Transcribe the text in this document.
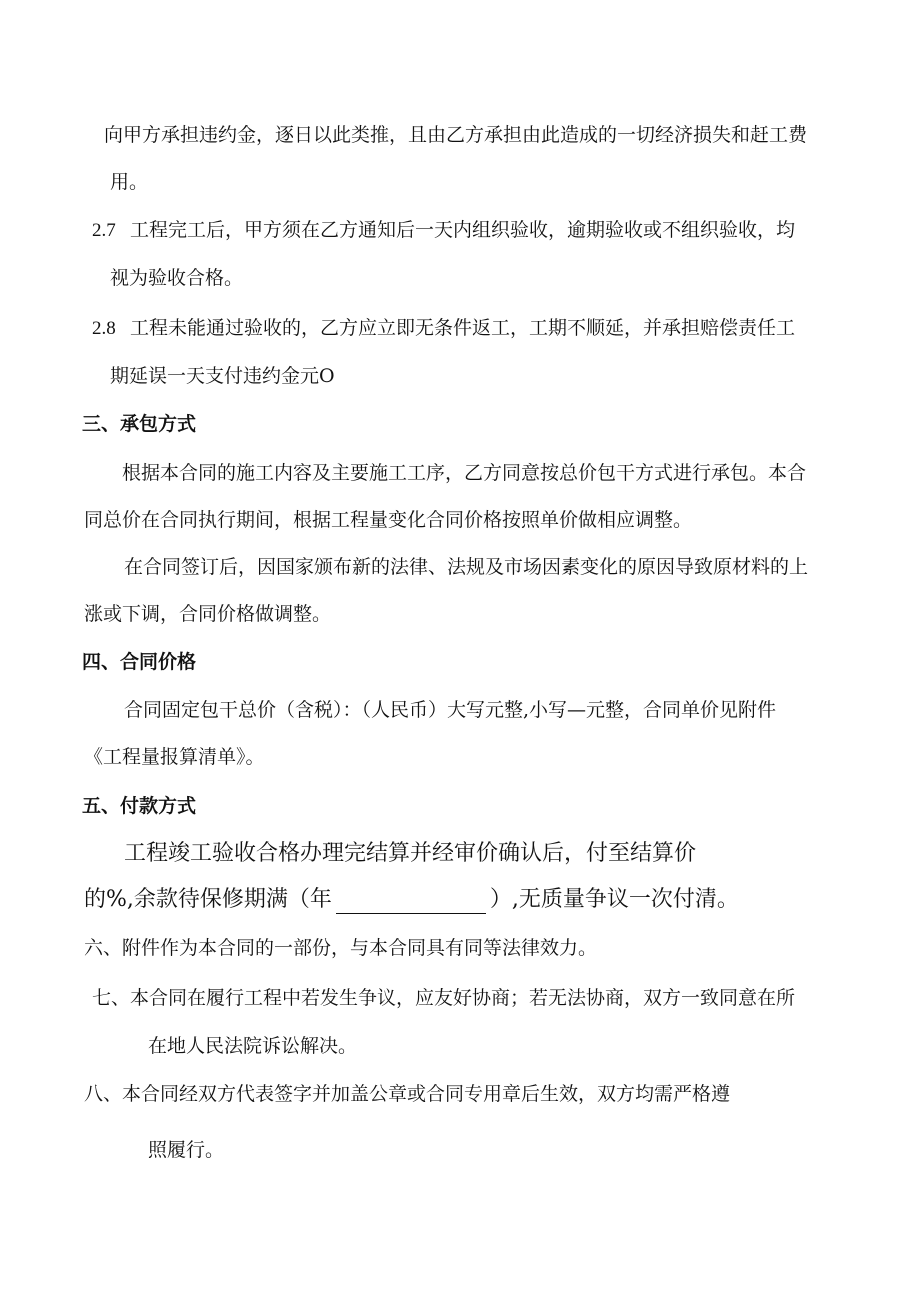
向甲方承担违约金，逐日以此类推，且由乙方承担由此造成的一切经济损失和赶工费
用。
2.7 工程完工后，甲方须在乙方通知后一天内组织验收，逾期验收或不组织验收，均
视为验收合格。
2.8 工程未能通过验收的，乙方应立即无条件返工，工期不顺延，并承担赔偿责任工
期延误一天支付违约金元O
三、承包方式
根据本合同的施工内容及主要施工工序，乙方同意按总价包干方式进行承包。本合
同总价在合同执行期间，根据工程量变化合同价格按照单价做相应调整。
在合同签订后，因国家颁布新的法律、法规及市场因素变化的原因导致原材料的上
涨或下调，合同价格做调整。
四、合同价格
合同固定包干总价（含税）：（人民币）大写元整,小写—元整，合同单价见附件
《工程量报算清单》。
五、付款方式
工程竣工验收合格办理完结算并经审价确认后，付至结算价
的%,余款待保修期满（年	）,无质量争议一次付清。
六、附件作为本合同的一部份，与本合同具有同等法律效力。
七、本合同在履行工程中若发生争议，应友好协商；若无法协商，双方一致同意在所
在地人民法院诉讼解决。
八、本合同经双方代表签字并加盖公章或合同专用章后生效，双方均需严格遵
照履行。
